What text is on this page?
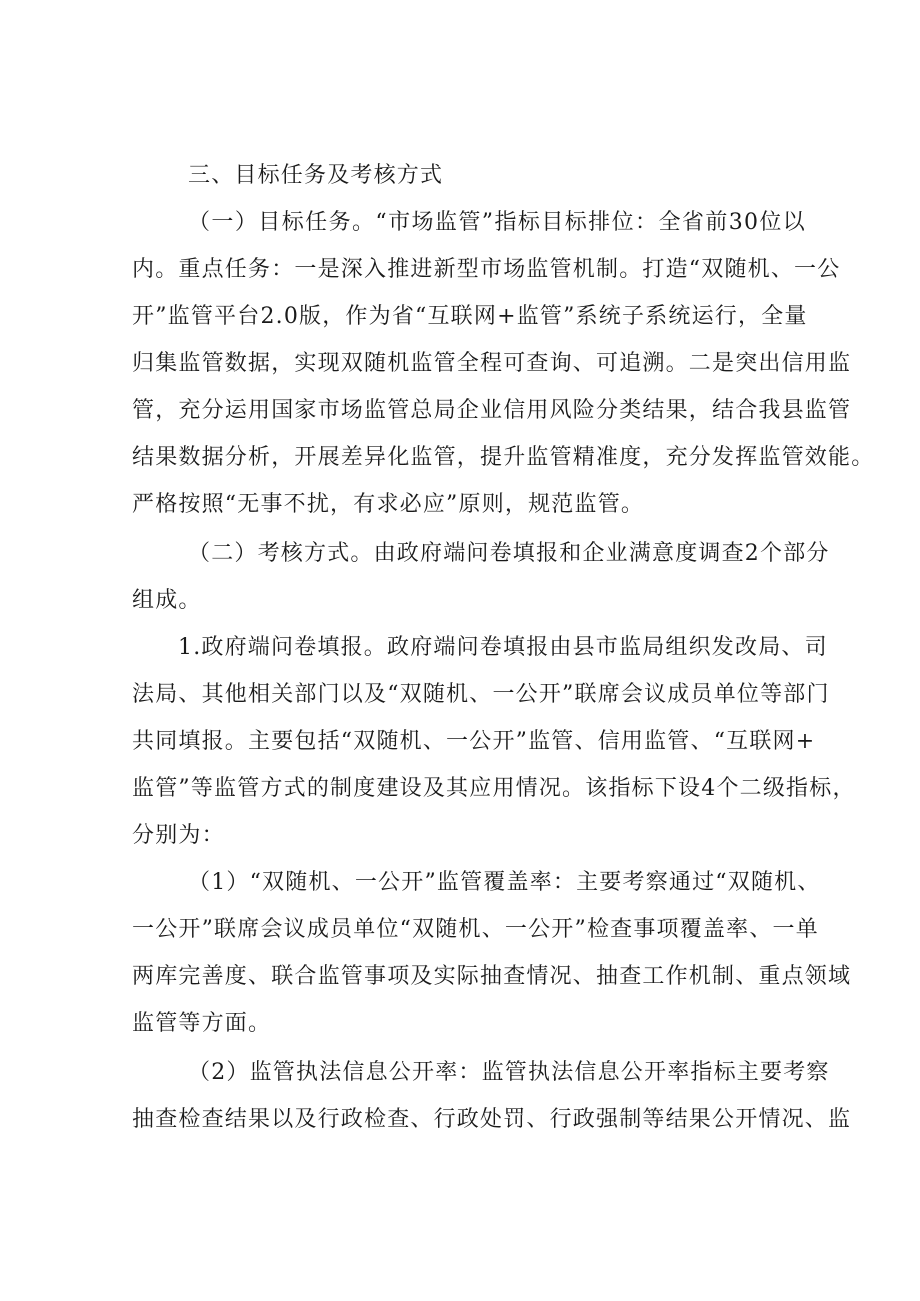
三、目标任务及考核方式
（一）目标任务。“市场监管”指标目标排位：全省前30位以
内。重点任务：一是深入推进新型市场监管机制。打造“双随机、一公
开”监管平台2.0版，作为省“互联网+监管”系统子系统运行，全量
归集监管数据，实现双随机监管全程可查询、可追溯。二是突出信用监
管，充分运用国家市场监管总局企业信用风险分类结果，结合我县监管
结果数据分析，开展差异化监管，提升监管精准度，充分发挥监管效能。
严格按照“无事不扰，有求必应”原则，规范监管。
（二）考核方式。由政府端问卷填报和企业满意度调查2个部分
组成。
1.政府端问卷填报。政府端问卷填报由县市监局组织发改局、司
法局、其他相关部门以及“双随机、一公开”联席会议成员单位等部门
共同填报。主要包括“双随机、一公开”监管、信用监管、“互联网+
监管”等监管方式的制度建设及其应用情况。该指标下设4个二级指标，
分别为：
（1）“双随机、一公开”监管覆盖率：主要考察通过“双随机、
一公开”联席会议成员单位“双随机、一公开”检查事项覆盖率、一单
两库完善度、联合监管事项及实际抽查情况、抽查工作机制、重点领域
监管等方面。
（2）监管执法信息公开率：监管执法信息公开率指标主要考察
抽查检查结果以及行政检查、行政处罚、行政强制等结果公开情况、监
